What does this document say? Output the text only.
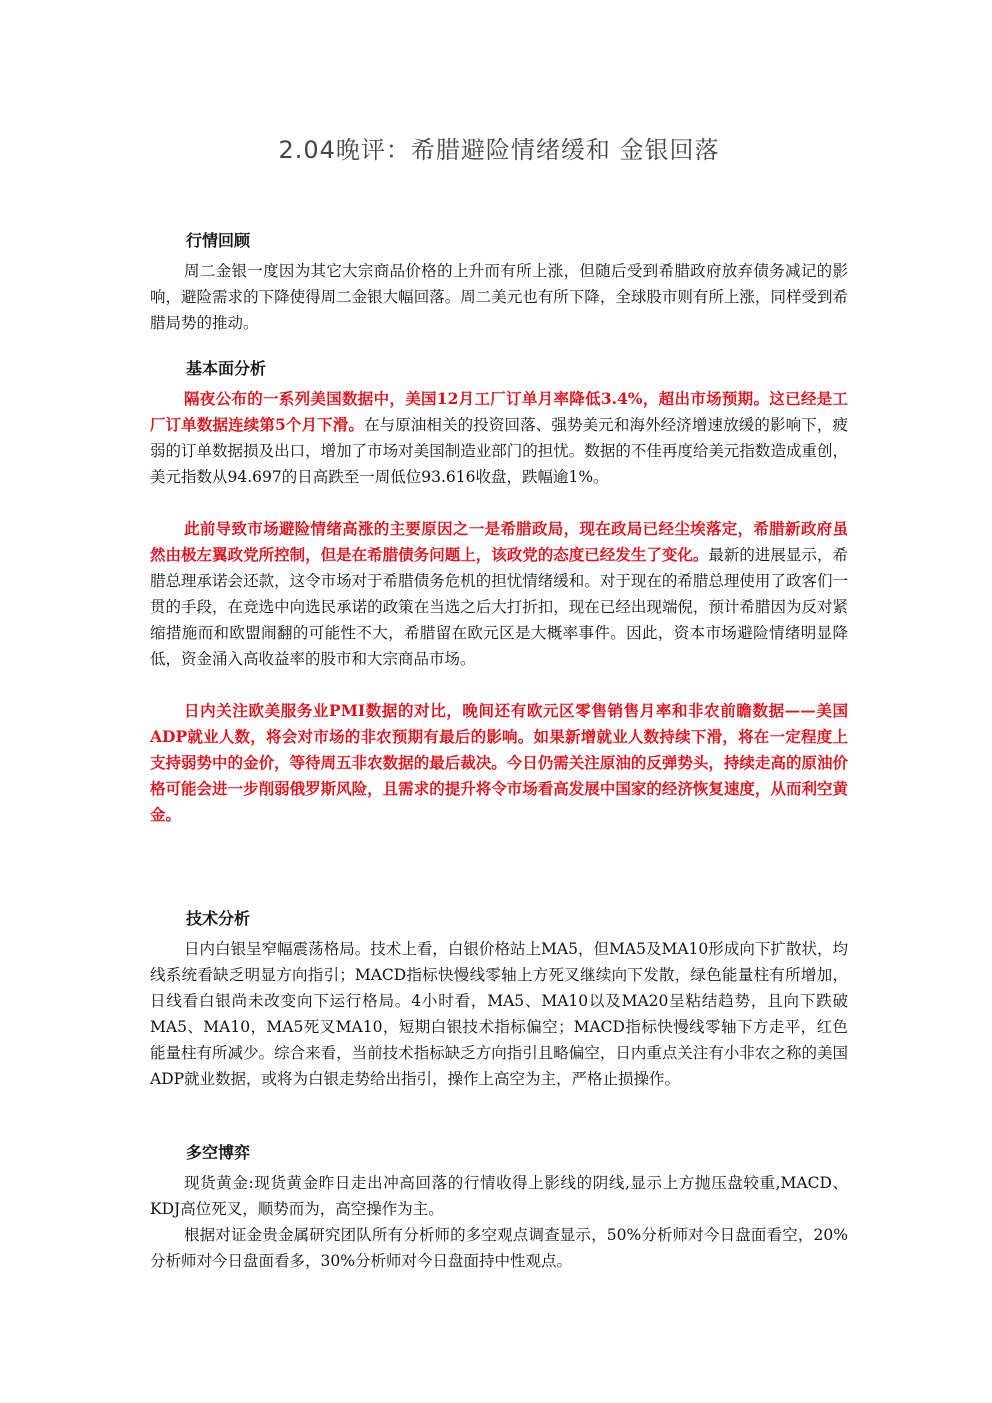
2.04晚评：希腊避险情绪缓和 金银回落
行情回顾

周二金银一度因为其它大宗商品价格的上升而有所上涨，但随后受到希腊政府放弃债务减记的影响，避险需求的下降使得周二金银大幅回落。周二美元也有所下降，全球股市则有所上涨，同样受到希腊局势的推动。

基本面分析

隔夜公布的一系列美国数据中，美国12月工厂订单月率降低3.4%，超出市场预期。这已经是工厂订单数据连续第5个月下滑。在与原油相关的投资回落、强势美元和海外经济增速放缓的影响下，疲弱的订单数据损及出口，增加了市场对美国制造业部门的担忧。数据的不佳再度给美元指数造成重创，美元指数从94.697的日高跌至一周低位93.616收盘，跌幅逾1%。

此前导致市场避险情绪高涨的主要原因之一是希腊政局，现在政局已经尘埃落定，希腊新政府虽然由极左翼政党所控制，但是在希腊债务问题上，该政党的态度已经发生了变化。最新的进展显示，希腊总理承诺会还款，这令市场对于希腊债务危机的担忧情绪缓和。对于现在的希腊总理使用了政客们一贯的手段，在竞选中向选民承诺的政策在当选之后大打折扣，现在已经出现端倪，预计希腊因为反对紧缩措施而和欧盟闹翻的可能性不大，希腊留在欧元区是大概率事件。因此，资本市场避险情绪明显降低，资金涌入高收益率的股市和大宗商品市场。

日内关注欧美服务业PMI数据的对比，晚间还有欧元区零售销售月率和非农前瞻数据——美国ADP就业人数，将会对市场的非农预期有最后的影响。如果新增就业人数持续下滑，将在一定程度上支持弱势中的金价，等待周五非农数据的最后裁决。今日仍需关注原油的反弹势头，持续走高的原油价格可能会进一步削弱俄罗斯风险，且需求的提升将令市场看高发展中国家的经济恢复速度，从而利空黄金。

技术分析

日内白银呈窄幅震荡格局。技术上看，白银价格站上MA5，但MA5及MA10形成向下扩散状，均线系统看缺乏明显方向指引；MACD指标快慢线零轴上方死叉继续向下发散，绿色能量柱有所增加，日线看白银尚未改变向下运行格局。4小时看，MA5、MA10以及MA20呈粘结趋势，且向下跌破MA5、MA10，MA5死叉MA10，短期白银技术指标偏空；MACD指标快慢线零轴下方走平，红色能量柱有所减少。综合来看，当前技术指标缺乏方向指引且略偏空，日内重点关注有小非农之称的美国ADP就业数据，或将为白银走势给出指引，操作上高空为主，严格止损操作。

多空博弈

现货黄金:现货黄金昨日走出冲高回落的行情收得上影线的阴线,显示上方抛压盘较重,MACD、KDJ高位死叉，顺势而为，高空操作为主。

根据对证金贵金属研究团队所有分析师的多空观点调查显示，50%分析师对今日盘面看空，20%分析师对今日盘面看多，30%分析师对今日盘面持中性观点。
